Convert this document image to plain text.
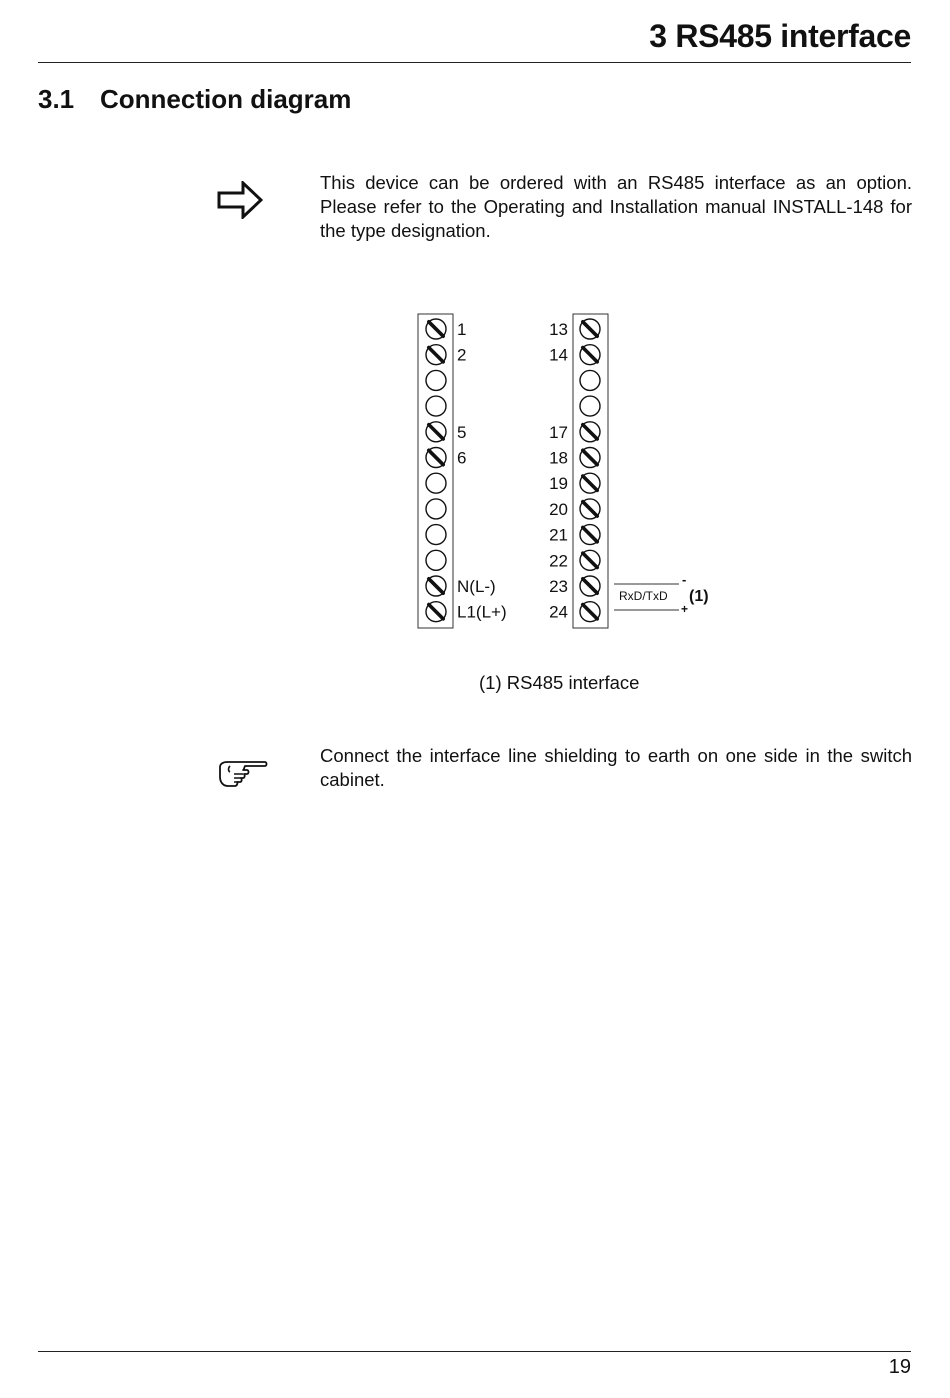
3 RS485 interface
3.1 Connection diagram
This device can be ordered with an RS485 interface as an option. Please refer to the Operating and Installation manual INSTALL-148 for the type designation.
1
2
5
6
N(L-)
L1(L+)
13
14
17
18
19
20
21
22
23
24
RxD/TxD
-
+
(1)
(1) RS485 interface
Connect the interface line shielding to earth on one side in the switch cabinet.
19
